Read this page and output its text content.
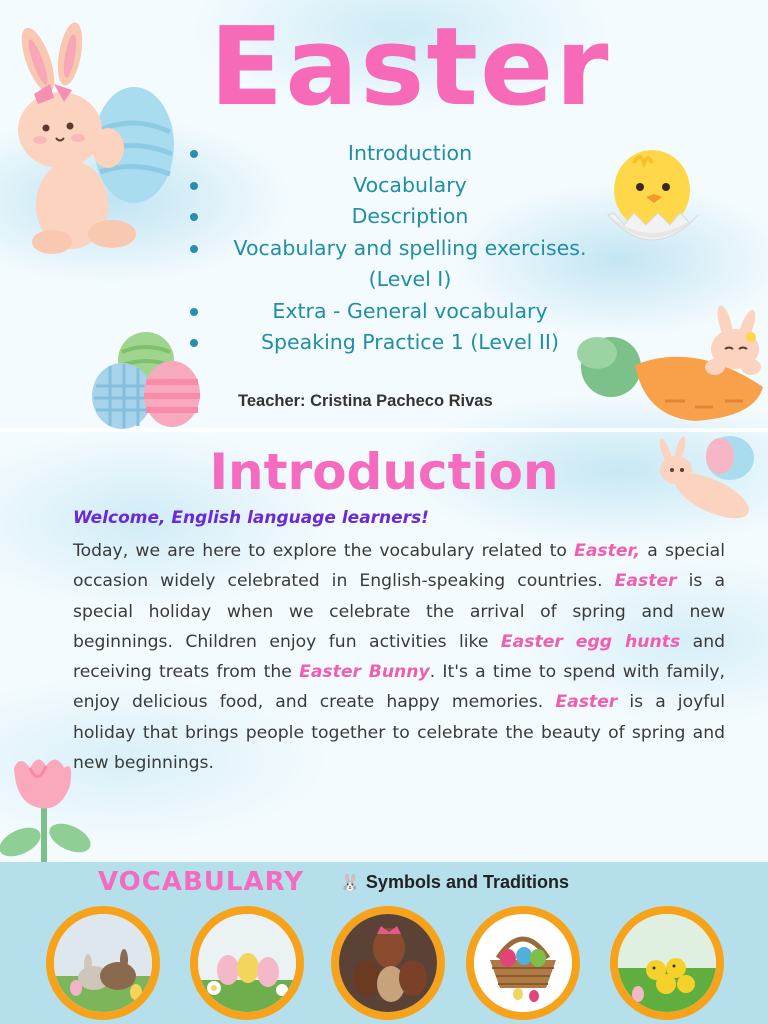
Easter
Introduction
Vocabulary
Description
Vocabulary and spelling exercises. (Level I)
Extra - General vocabulary
Speaking Practice 1 (Level II)
Teacher: Cristina Pacheco Rivas
Introduction
Welcome, English language learners!

Today, we are here to explore the vocabulary related to Easter, a special occasion widely celebrated in English-speaking countries. Easter is a special holiday when we celebrate the arrival of spring and new beginnings. Children enjoy fun activities like Easter egg hunts and receiving treats from the Easter Bunny. It's a time to spend with family, enjoy delicious food, and create happy memories. Easter is a joyful holiday that brings people together to celebrate the beauty of spring and new beginnings.

VOCABULARY 🐰 Symbols and Traditions
